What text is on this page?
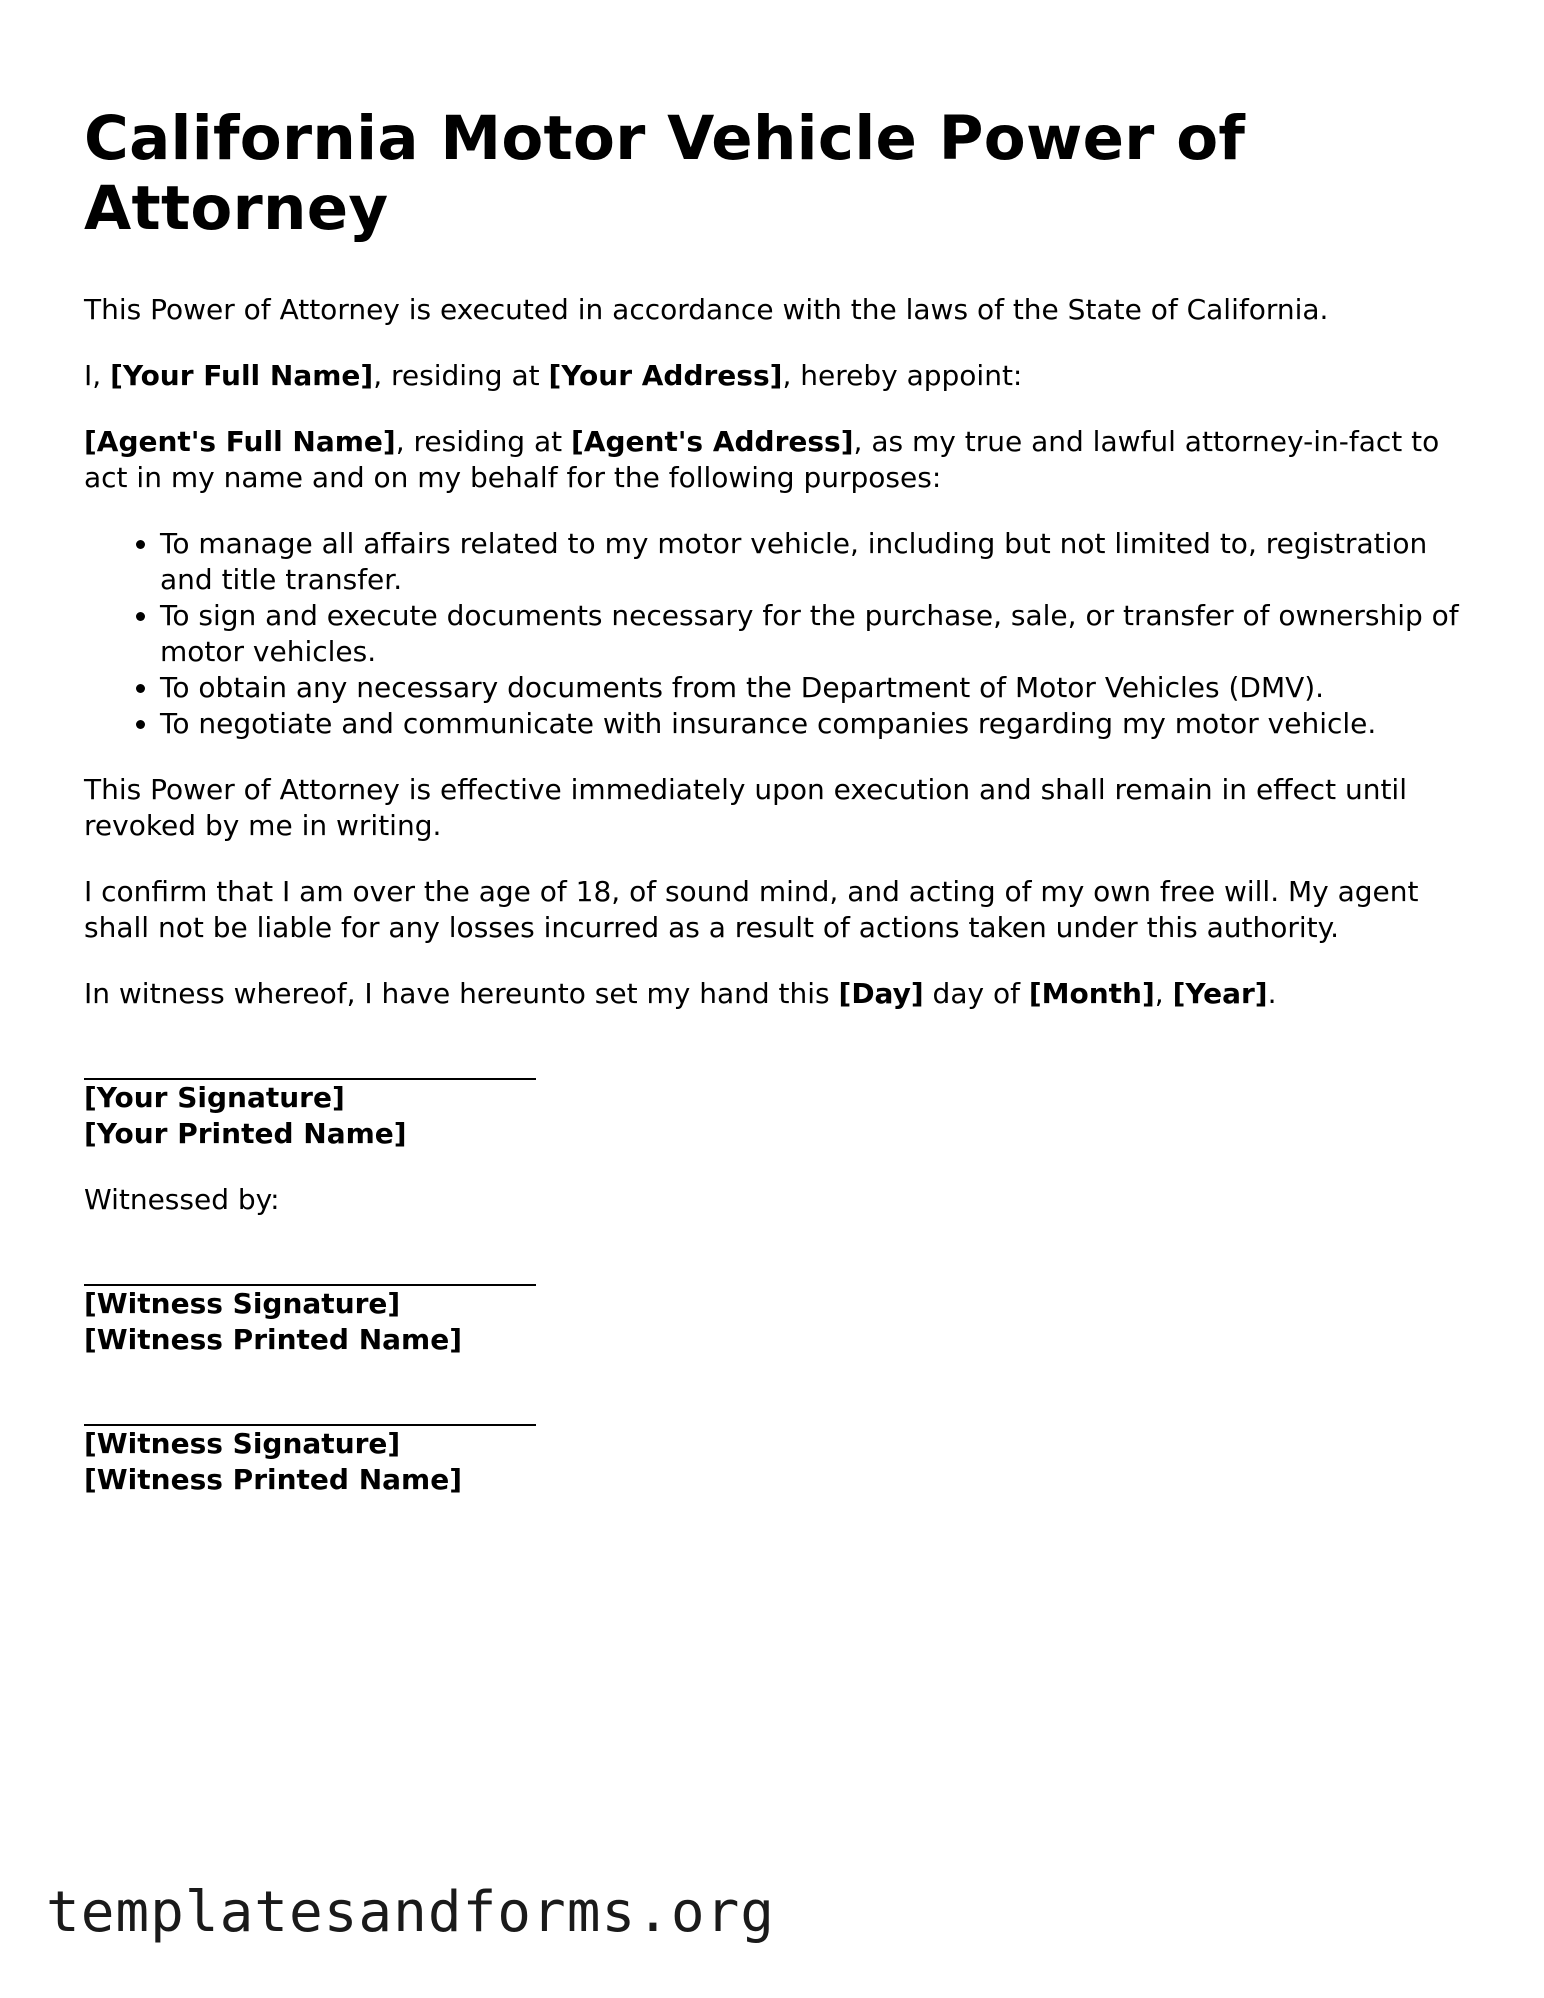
California Motor Vehicle Power of Attorney

This Power of Attorney is executed in accordance with the laws of the State of California.

I, [Your Full Name], residing at [Your Address], hereby appoint:

[Agent's Full Name], residing at [Agent's Address], as my true and lawful attorney-in-fact to act in my name and on my behalf for the following purposes:

• To manage all affairs related to my motor vehicle, including but not limited to, registration and title transfer.
• To sign and execute documents necessary for the purchase, sale, or transfer of ownership of motor vehicles.
• To obtain any necessary documents from the Department of Motor Vehicles (DMV).
• To negotiate and communicate with insurance companies regarding my motor vehicle.

This Power of Attorney is effective immediately upon execution and shall remain in effect until revoked by me in writing.

I confirm that I am over the age of 18, of sound mind, and acting of my own free will. My agent shall not be liable for any losses incurred as a result of actions taken under this authority.

In witness whereof, I have hereunto set my hand this [Day] day of [Month], [Year].

[Your Signature]
[Your Printed Name]

Witnessed by:

[Witness Signature]
[Witness Printed Name]
[Witness Signature]
[Witness Printed Name]
templatesandforms.org
